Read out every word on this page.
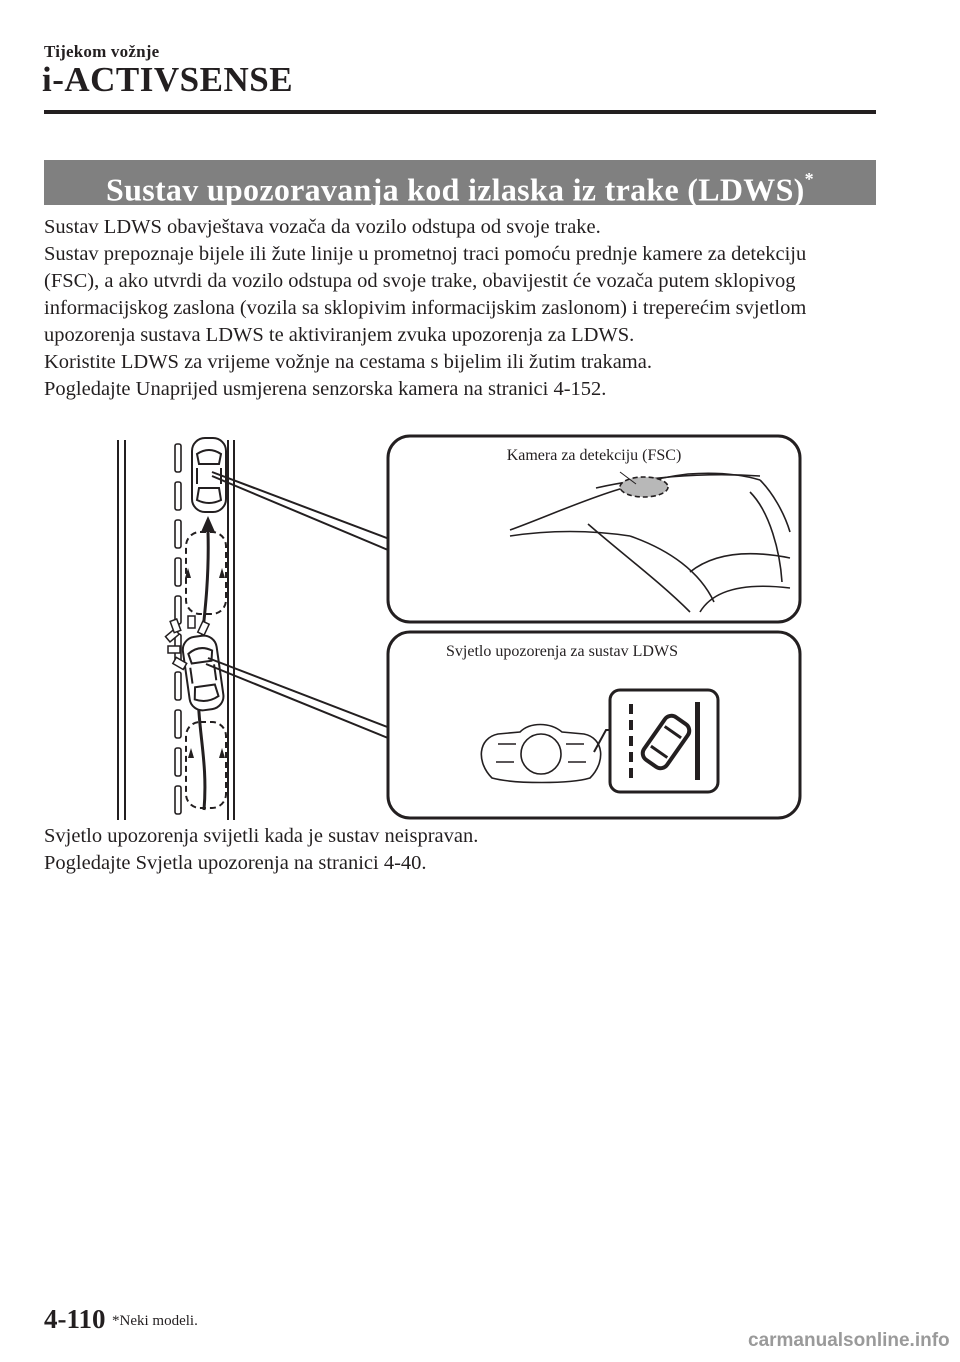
Tijekom vožnje
i-ACTIVSENSE
Sustav upozoravanja kod izlaska iz trake (LDWS)*

Sustav LDWS obavještava vozača da vozilo odstupa od svoje trake.

Sustav prepoznaje bijele ili žute linije u prometnoj traci pomoću prednje kamere za detekciju

(FSC), a ako utvrdi da vozilo odstupa od svoje trake, obavijestit će vozača putem sklopivog

informacijskog zaslona (vozila sa sklopivim informacijskim zaslonom) i treperećim svjetlom

upozorenja sustava LDWS te aktiviranjem zvuka upozorenja za LDWS.

Koristite LDWS za vrijeme vožnje na cestama s bijelim ili žutim trakama.

Pogledajte Unaprijed usmjerena senzorska kamera na stranici 4-152.

Kamera za detekciju (FSC)
Svjetlo upozorenja za sustav LDWS

Svjetlo upozorenja svijetli kada je sustav neispravan.

Pogledajte Svjetla upozorenja na stranici 4-40.

4-110 *Neki modeli.
carmanualsonline.info
